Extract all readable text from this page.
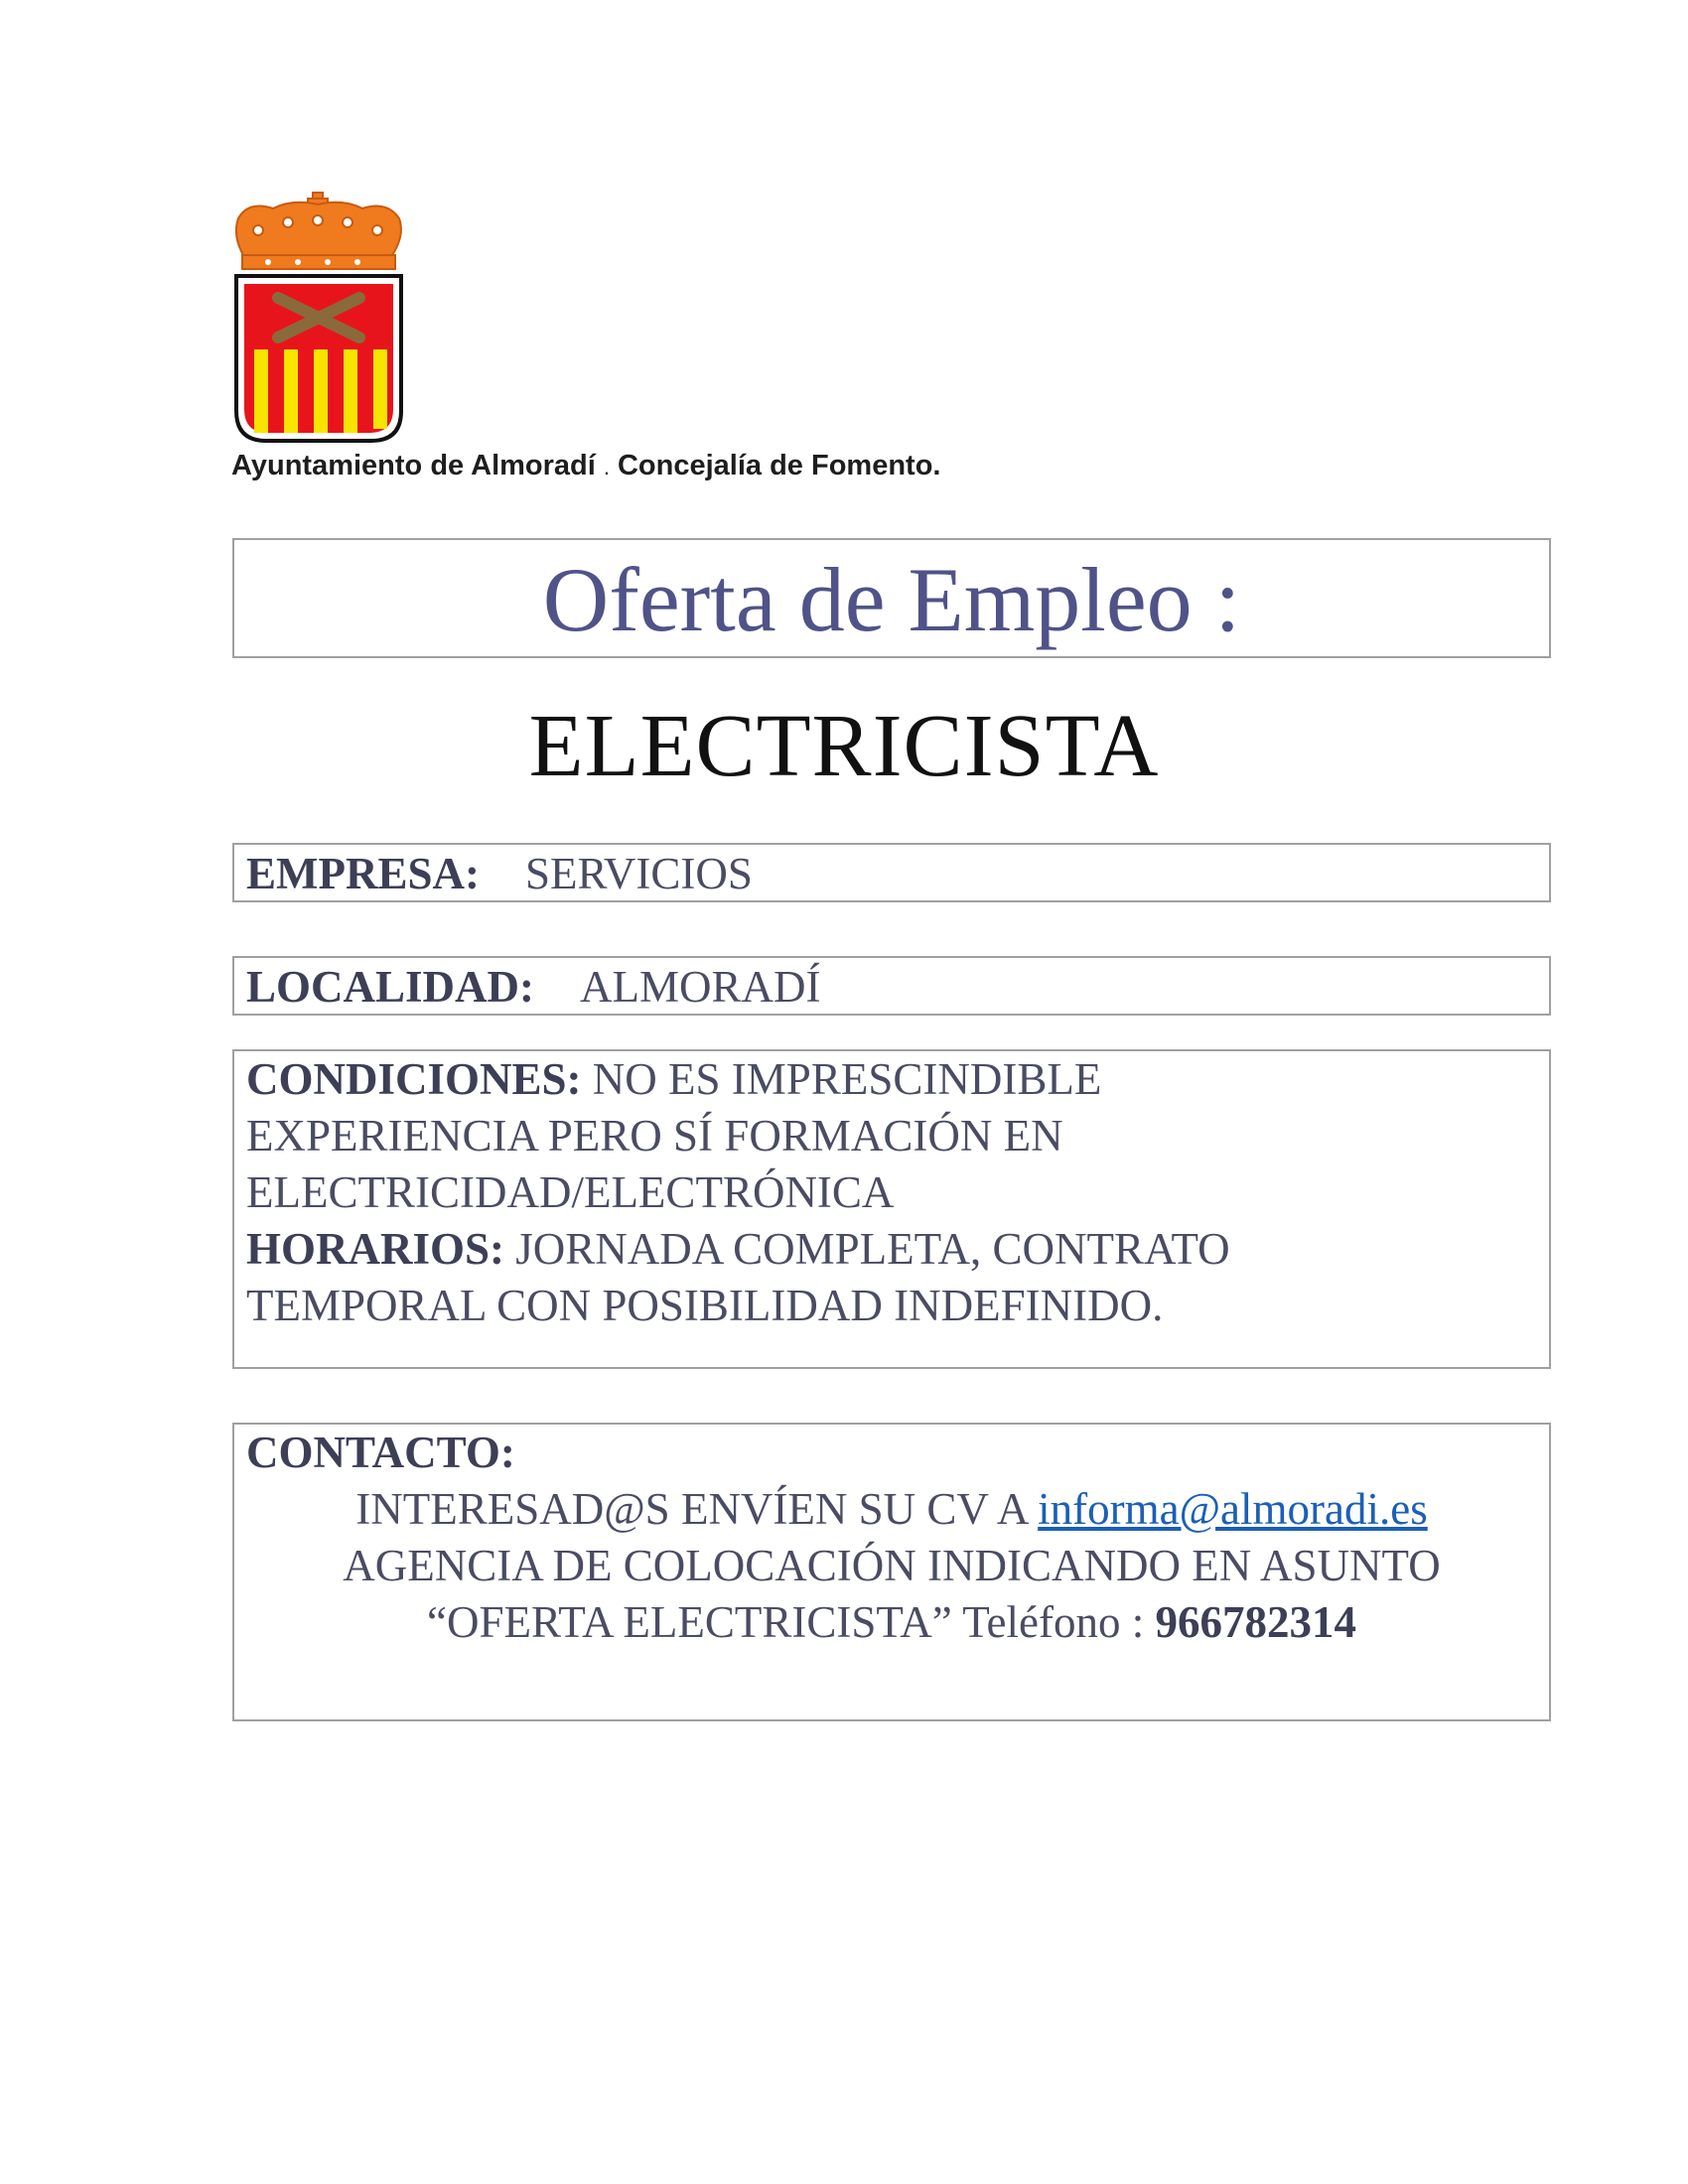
Ayuntamiento de Almoradí . Concejalía de Fomento.

Oferta de Empleo :
ELECTRICISTA
EMPRESA: SERVICIOS
LOCALIDAD: ALMORADÍ

CONDICIONES: NO ES IMPRESCINDIBLE

EXPERIENCIA PERO SÍ FORMACIÓN EN

ELECTRICIDAD/ELECTRÓNICA

HORARIOS: JORNADA COMPLETA, CONTRATO

TEMPORAL CON POSIBILIDAD INDEFINIDO.

CONTACTO:

INTERESAD@S ENVÍEN SU CV A informa@almoradi.es

AGENCIA DE COLOCACIÓN INDICANDO EN ASUNTO

“OFERTA ELECTRICISTA” Teléfono : 966782314
